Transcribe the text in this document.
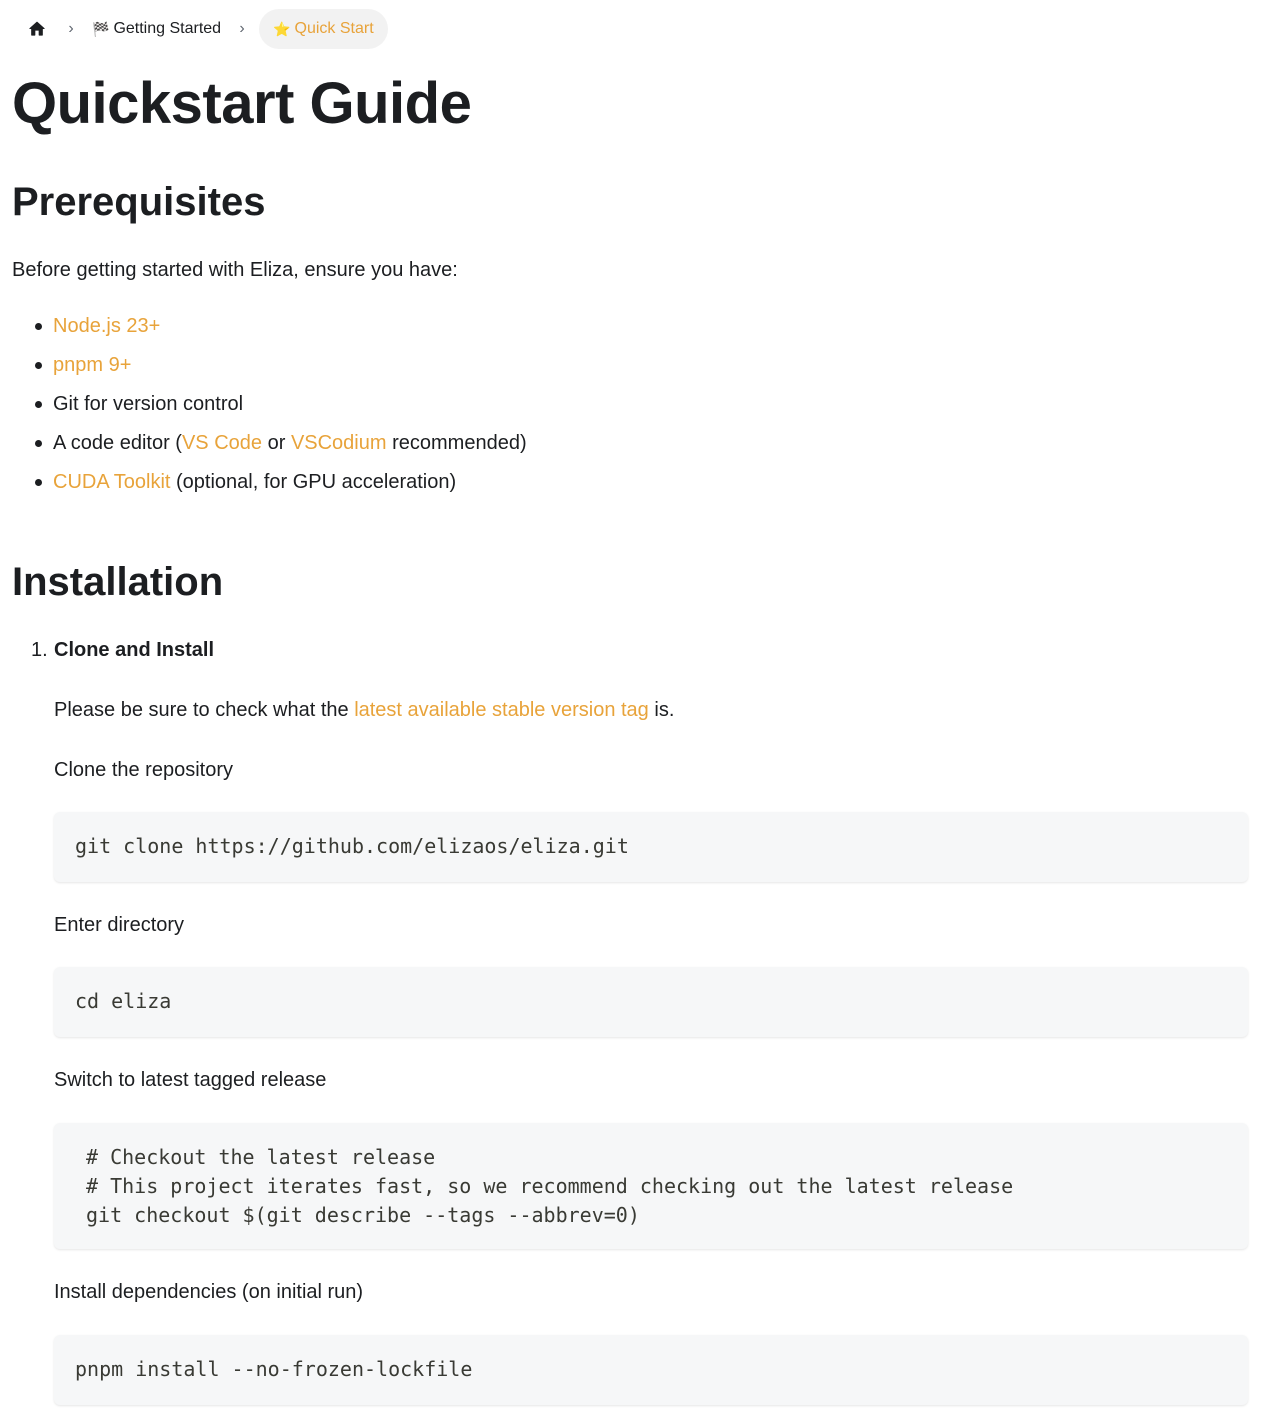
›	🏁 Getting Started	›	⭐ Quick Start
Quickstart Guide
Prerequisites

Before getting started with Eliza, ensure you have:

Node.js 23+
pnpm 9+
Git for version control
A code editor (VS Code or VSCodium recommended)
CUDA Toolkit (optional, for GPU acceleration)
Installation
1. Clone and Install

Please be sure to check what the latest available stable version tag is.

Clone the repository

git clone https://github.com/elizaos/eliza.git

Enter directory

cd eliza

Switch to latest tagged release

# Checkout the latest release
# This project iterates fast, so we recommend checking out the latest release
git checkout $(git describe --tags --abbrev=0)

Install dependencies (on initial run)

pnpm install --no-frozen-lockfile
